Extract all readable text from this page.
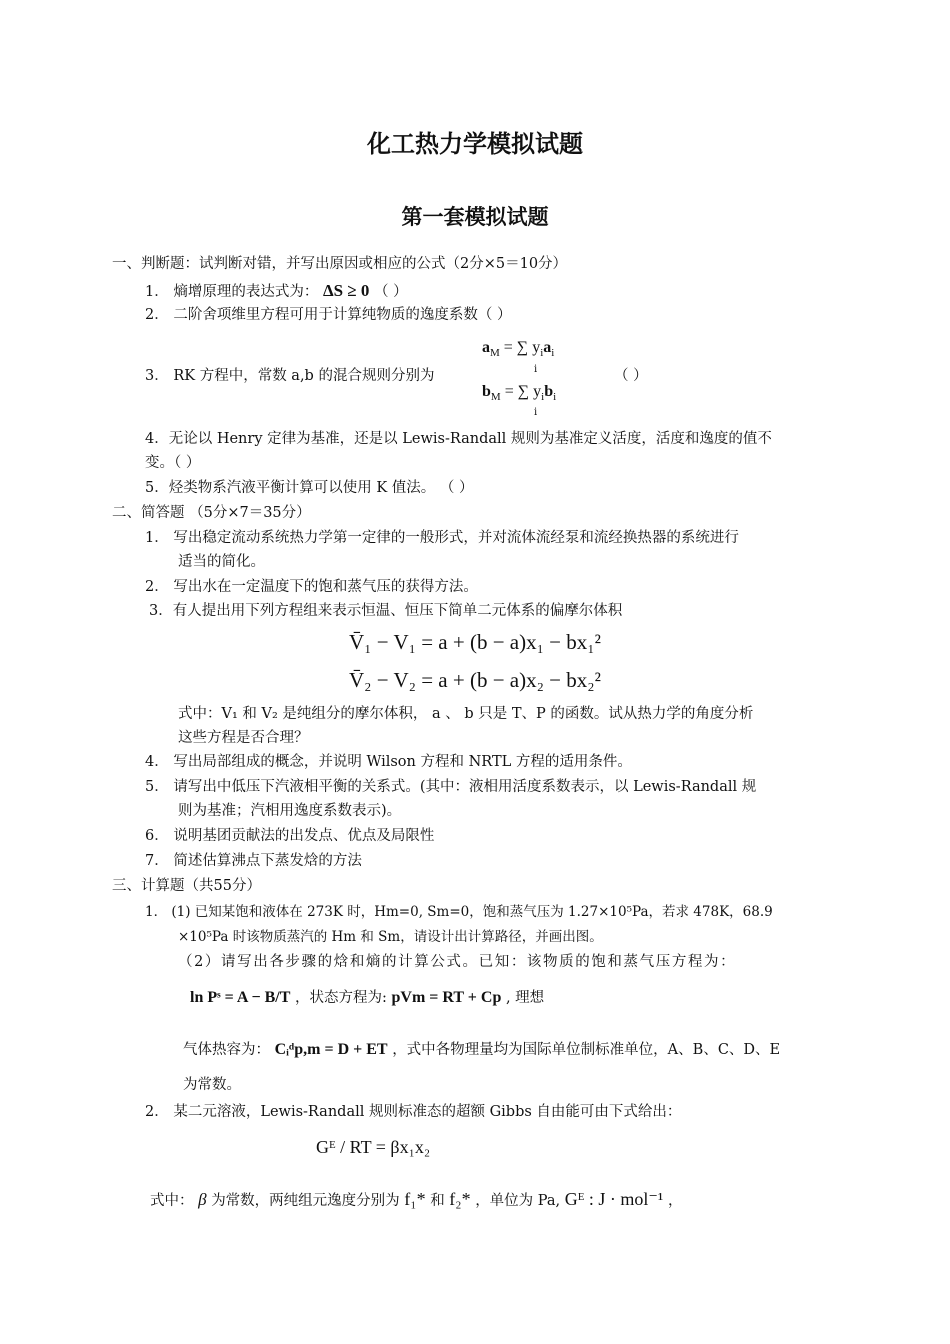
化工热力学模拟试题
第一套模拟试题
一、判断题：试判断对错，并写出原因或相应的公式（2分×5＝10分）
1． 熵增原理的表达式为： ΔS ≥ 0 （ ）
2． 二阶舍项维里方程可用于计算纯物质的逸度系数（ ）
3． RK 方程中，常数 a,b 的混合规则分别为
$a_M$ = ∑ $y_ia_i$
i
$b_M$ = ∑ $y_ib_i$
i
（ ）
4．无论以 Henry 定律为基准，还是以 Lewis-Randall 规则为基准定义活度，活度和逸度的值不
变。（ ）
5．烃类物系汽液平衡计算可以使用 K 值法。 （ ）
二、简答题 （5分×7＝35分）
1． 写出稳定流动系统热力学第一定律的一般形式，并对流体流经泵和流经换热器的系统进行
适当的简化。
2． 写出水在一定温度下的饱和蒸气压的获得方法。
3．有人提出用下列方程组来表示恒温、恒压下简单二元体系的偏摩尔体积
V̄₁ − V₁ = a + (b − a)x₁ − bx₁²
V̄₂ − V₂ = a + (b − a)x₂ − bx₂²
式中：V₁ 和 V₂ 是纯组分的摩尔体积， a 、 b 只是 T、P 的函数。试从热力学的角度分析
这些方程是否合理？
4． 写出局部组成的概念，并说明 Wilson 方程和 NRTL 方程的适用条件。
5． 请写出中低压下汽液相平衡的关系式。(其中：液相用活度系数表示，以 Lewis-Randall 规
则为基准；汽相用逸度系数表示)。
6． 说明基团贡献法的出发点、优点及局限性
7． 简述估算沸点下蒸发焓的方法
三、计算题（共55分）
1． (1) 已知某饱和液体在 273K 时，Hm=0, Sm=0，饱和蒸气压为 1.27×10⁵Pa，若求 478K，68.9
×10⁵Pa 时该物质蒸汽的 Hm 和 Sm，请设计出计算路径，并画出图。
（2）请写出各步骤的焓和熵的计算公式。已知：该物质的饱和蒸气压方程为：
ln Pˢ = A − B/T ，状态方程为: pVm = RT + Cp , 理想
气体热容为： Cᵢᵈp,m = D + ET ，式中各物理量均为国际单位制标准单位，A、B、C、D、E
为常数。
2． 某二元溶液，Lewis-Randall 规则标准态的超额 Gibbs 自由能可由下式给出：
Gᴱ / RT = βx₁x₂
式中： β 为常数，两纯组元逸度分别为 f₁* 和 f₂* ，单位为 Pa, Gᴱ : J · mol⁻¹ ，
